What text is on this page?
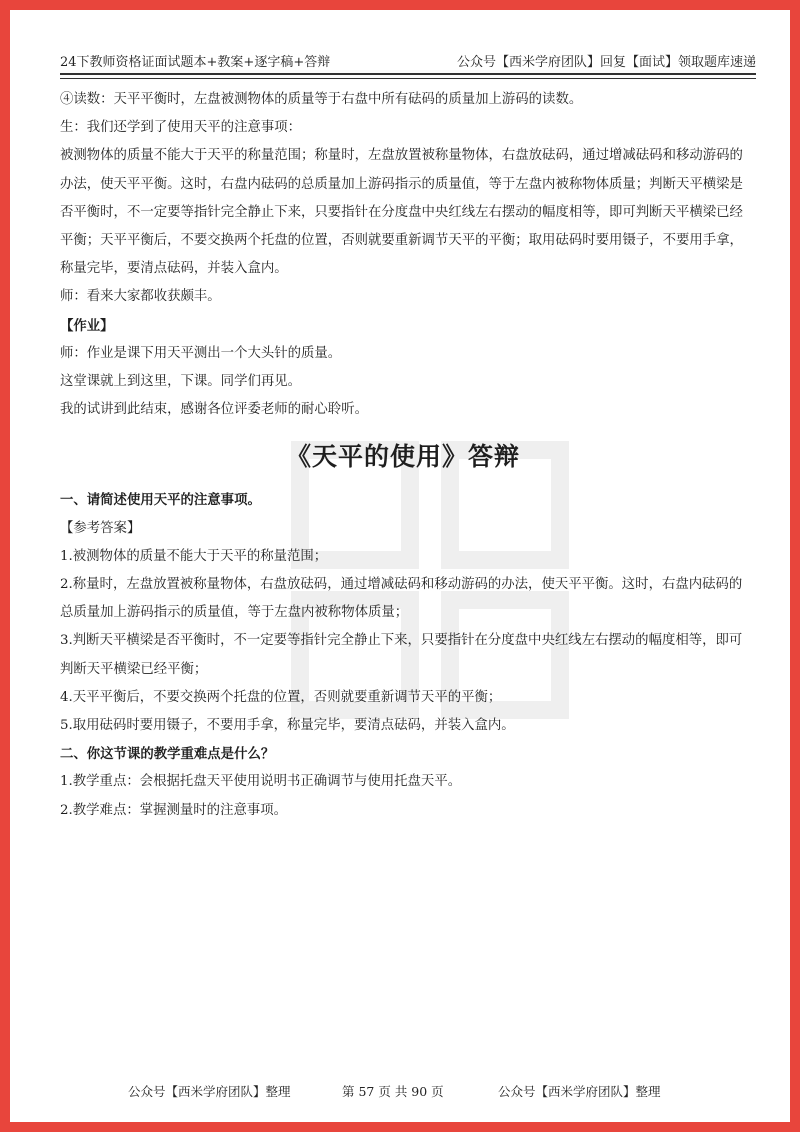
24下教师资格证面试题本+教案+逐字稿+答辩	公众号【西米学府团队】回复【面试】领取题库速递

④读数：天平平衡时，左盘被测物体的质量等于右盘中所有砝码的质量加上游码的读数。

生：我们还学到了使用天平的注意事项：

被测物体的质量不能大于天平的称量范围；称量时，左盘放置被称量物体，右盘放砝码，通过增减砝码和移动游码的办法，使天平平衡。这时，右盘内砝码的总质量加上游码指示的质量值，等于左盘内被称物体质量；判断天平横梁是否平衡时，不一定要等指针完全静止下来，只要指针在分度盘中央红线左右摆动的幅度相等，即可判断天平横梁已经平衡；天平平衡后，不要交换两个托盘的位置，否则就要重新调节天平的平衡；取用砝码时要用镊子，不要用手拿，称量完毕，要清点砝码，并装入盒内。

师：看来大家都收获颇丰。

【作业】

师：作业是课下用天平测出一个大头针的质量。

这堂课就上到这里，下课。同学们再见。

我的试讲到此结束，感谢各位评委老师的耐心聆听。

《天平的使用》答辩

一、请简述使用天平的注意事项。

【参考答案】

1.被测物体的质量不能大于天平的称量范围；

2.称量时，左盘放置被称量物体，右盘放砝码，通过增减砝码和移动游码的办法，使天平平衡。这时，右盘内砝码的总质量加上游码指示的质量值，等于左盘内被称物体质量；

3.判断天平横梁是否平衡时，不一定要等指针完全静止下来，只要指针在分度盘中央红线左右摆动的幅度相等，即可判断天平横梁已经平衡；

4.天平平衡后，不要交换两个托盘的位置，否则就要重新调节天平的平衡；

5.取用砝码时要用镊子，不要用手拿，称量完毕，要清点砝码，并装入盒内。

二、你这节课的教学重难点是什么？

1.教学重点：会根据托盘天平使用说明书正确调节与使用托盘天平。

2.教学难点：掌握测量时的注意事项。

公众号【西米学府团队】整理	第 57 页 共 90 页	公众号【西米学府团队】整理
